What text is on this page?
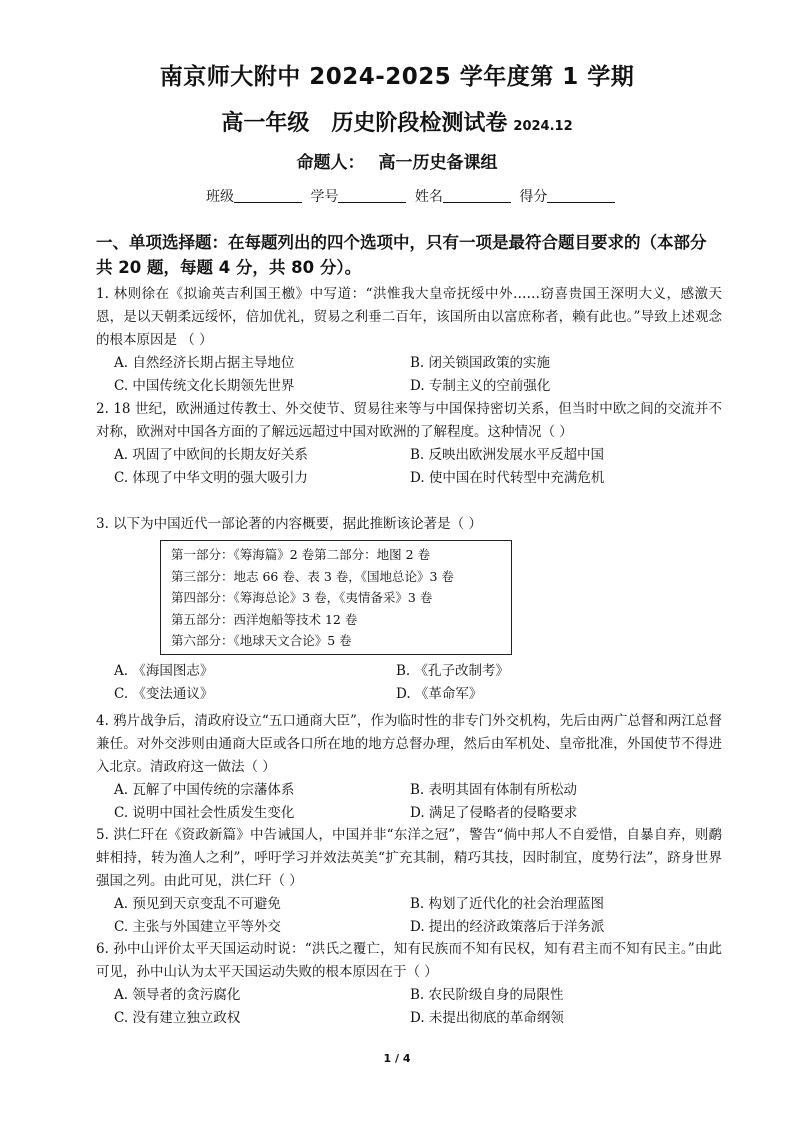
南京师大附中 2024-2025 学年度第 1 学期
高一年级 历史阶段检测试卷 2024.12
命题人： 高一历史备课组
班级	学号	姓名	得分
一、单项选择题：在每题列出的四个选项中，只有一项是最符合题目要求的（本部分共 20 题，每题 4 分，共 80 分）。
1. 林则徐在《拟谕英吉利国王檄》中写道：“洪惟我大皇帝抚绥中外……窃喜贵国王深明大义，感激天恩，是以天朝柔远绥怀，倍加优礼，贸易之利垂二百年，该国所由以富庶称者，赖有此也。”导致上述观念的根本原因是 （ ）
A. 自然经济长期占据主导地位	B. 闭关锁国政策的实施
C. 中国传统文化长期领先世界	D. 专制主义的空前强化
2. 18 世纪，欧洲通过传教士、外交使节、贸易往来等与中国保持密切关系，但当时中欧之间的交流并不对称，欧洲对中国各方面的了解远远超过中国对欧洲的了解程度。这种情况（ ）
A. 巩固了中欧间的长期友好关系	B. 反映出欧洲发展水平反超中国
C. 体现了中华文明的强大吸引力	D. 使中国在时代转型中充满危机
3. 以下为中国近代一部论著的内容概要，据此推断该论著是（ ）
第一部分：《筹海篇》2 卷第二部分：地图 2 卷
第三部分：地志 66 卷、表 3 卷，《国地总论》3 卷
第四部分：《筹海总论》3 卷，《夷情备采》3 卷
第五部分：西洋炮船等技术 12 卷
第六部分：《地球天文合论》5 卷
A. 《海国图志》	B. 《孔子改制考》
C. 《变法通议》	D. 《革命军》
4. 鸦片战争后，清政府设立“五口通商大臣”，作为临时性的非专门外交机构，先后由两广总督和两江总督兼任。对外交涉则由通商大臣或各口所在地的地方总督办理，然后由军机处、皇帝批准，外国使节不得进入北京。清政府这一做法（ ）
A. 瓦解了中国传统的宗藩体系	B. 表明其固有体制有所松动
C. 说明中国社会性质发生变化	D. 满足了侵略者的侵略要求
5. 洪仁玕在《资政新篇》中告诫国人，中国并非“东洋之冠”，警告“倘中邦人不自爱惜，自暴自弃，则鹬蚌相持，转为渔人之利”，呼吁学习并效法英美“扩充其制，精巧其技，因时制宜，度势行法”，跻身世界强国之列。由此可见，洪仁玕（ ）
A. 预见到天京变乱不可避免	B. 构划了近代化的社会治理蓝图
C. 主张与外国建立平等外交	D. 提出的经济政策落后于洋务派
6. 孙中山评价太平天国运动时说：“洪氏之覆亡，知有民族而不知有民权，知有君主而不知有民主。”由此可见，孙中山认为太平天国运动失败的根本原因在于（ ）
A. 领导者的贪污腐化	B. 农民阶级自身的局限性
C. 没有建立独立政权	D. 未提出彻底的革命纲领
1 / 4
